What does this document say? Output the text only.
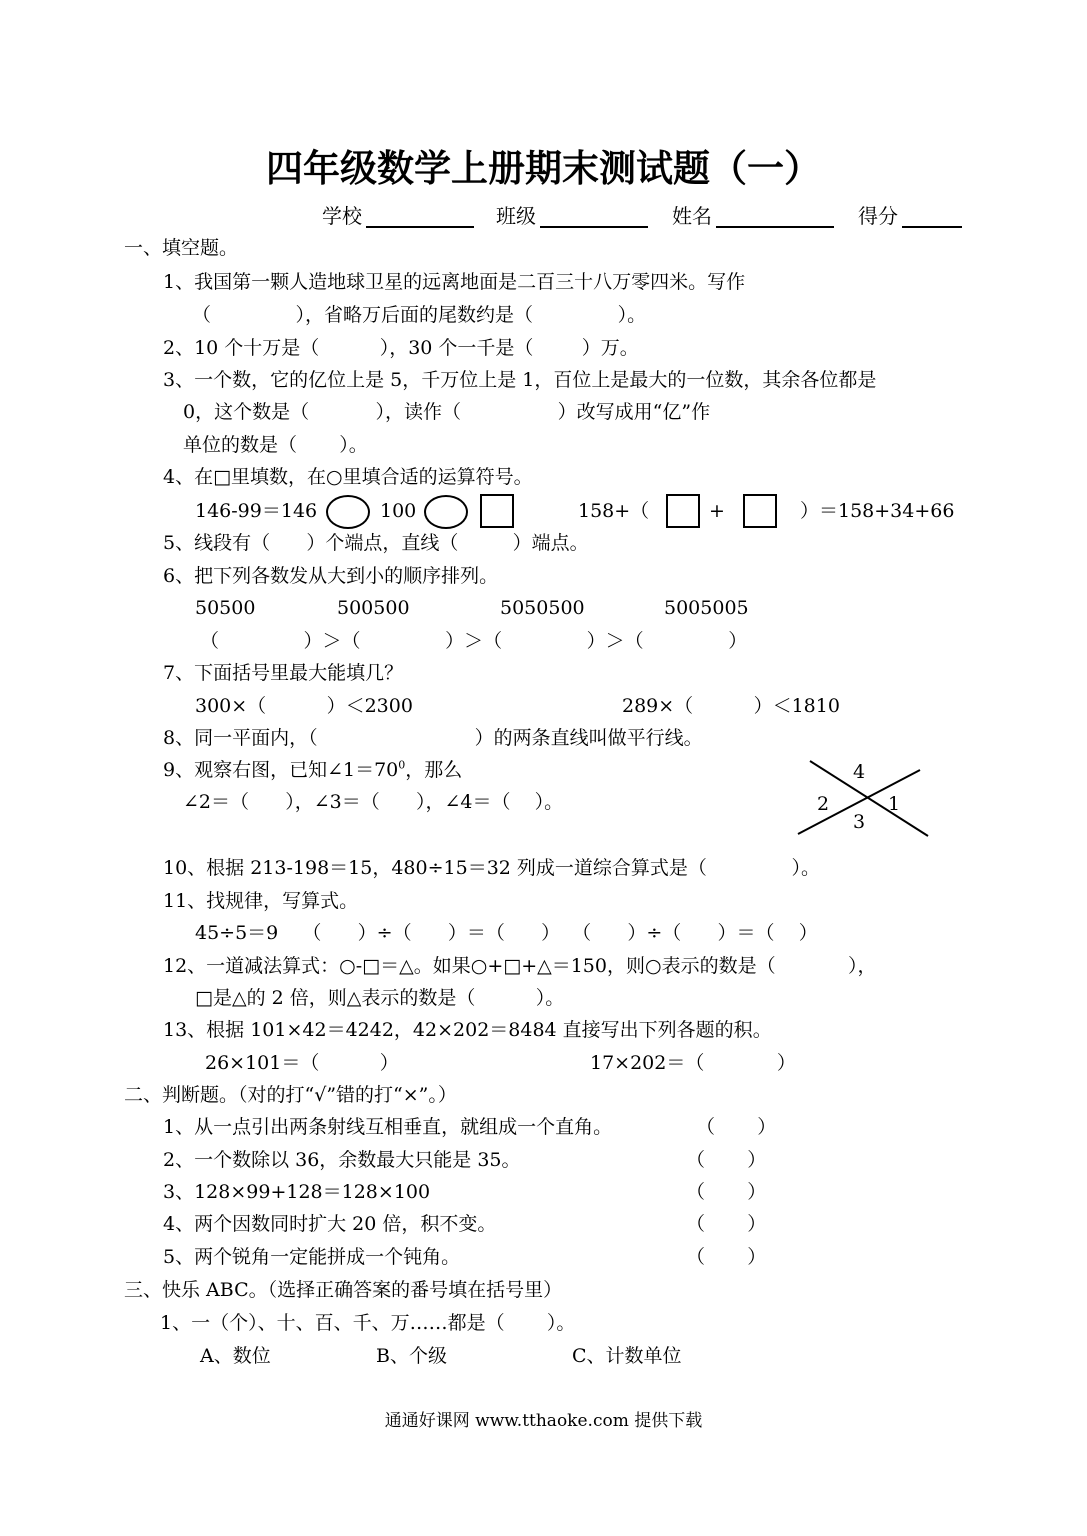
四年级数学上册期末测试题（一）
学校	班级	姓名	得分
一、填空题。
1、我国第一颗人造地球卫星的远离地面是二百三十八万零四米。写作
（              ），省略万后面的尾数约是（              ）。
2、10 个十万是（          ），30 个一千是（        ）万。
3、一个数，它的亿位上是 5，千万位上是 1，百位上是最大的一位数，其余各位都是
0，这个数是（           ），读作（                ）改写成用“亿”作
单位的数是（       ）。
4、在□里填数，在○里填合适的运算符号。
146-99＝146	100	158+（	+	）＝158+34+66
5、线段有（      ）个端点，直线（         ）端点。
6、把下列各数发从大到小的顺序排列。
50500	500500	5050500	5005005
（              ）＞（              ）＞（              ）＞（              ）
7、下面括号里最大能填几？
300×（          ）＜2300	289×（          ）＜1810
8、同一平面内，（                          ）的两条直线叫做平行线。
9、观察右图，已知$\angle 1=70^0$，那么
∠2＝（      ），∠3＝（      ），∠4＝（    ）。
4
2	1
3
10、根据 213-198＝15，480÷15＝32 列成一道综合算式是（              ）。
11、找规律，写算式。
45÷5＝9    （      ）÷（      ）＝（      ）  （      ）÷（      ）＝（    ）
12、一道减法算式：○-□＝△。如果○+□+△＝150，则○表示的数是（            ），
□是△的 2 倍，则△表示的数是（          ）。
13、根据 101×42＝4242，42×202＝8484 直接写出下列各题的积。
26×101＝（          ）	17×202＝（            ）
二、判断题。（对的打“√”错的打“×”。）
1、从一点引出两条射线互相垂直，就组成一个直角。	（       ）
2、一个数除以 36，余数最大只能是 35。	（       ）
3、128×99+128＝128×100	（       ）
4、两个因数同时扩大 20 倍，积不变。	（       ）
5、两个锐角一定能拼成一个钝角。	（       ）
三、快乐 ABC。（选择正确答案的番号填在括号里）
1、一（个）、十、百、千、万……都是（       ）。
A、数位	B、个级	C、计数单位
通通好课网 www.tthaoke.com 提供下载
